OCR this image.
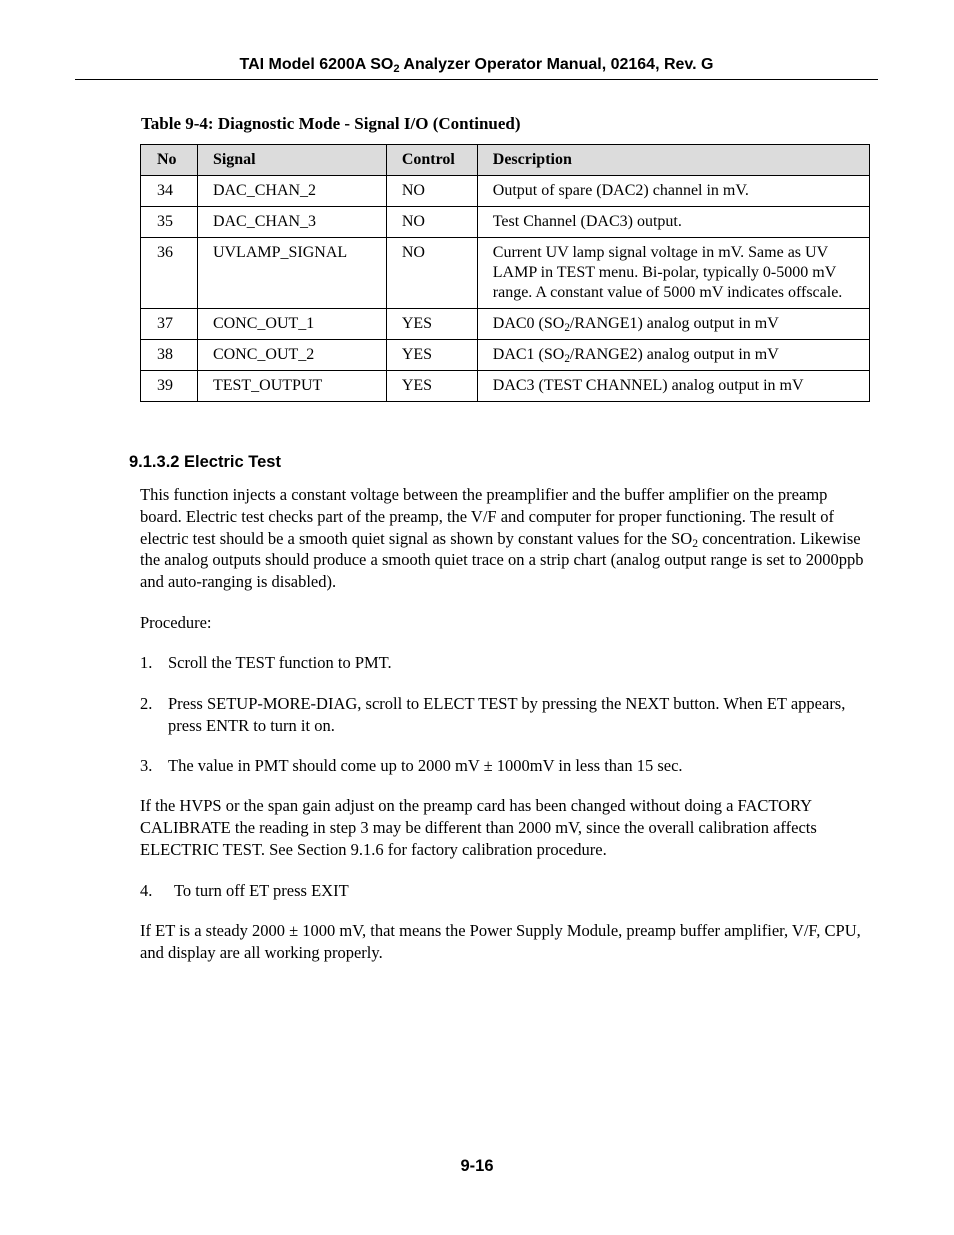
TAI Model 6200A $SO_2$ Analyzer Operator Manual, 02164, Rev. G
Table 9-4: Diagnostic Mode - Signal I/O (Continued)
No	Signal	Control	Description
34	DAC_CHAN_2	NO	Output of spare (DAC2) channel in mV.
35	DAC_CHAN_3	NO	Test Channel (DAC3) output.
36	UVLAMP_SIGNAL	NO	Current UV lamp signal voltage in mV. Same as UV LAMP in TEST menu. Bi-polar, typically 0-5000 mV range. A constant value of 5000 mV indicates offscale.
37	CONC_OUT_1	YES	DAC0 $(SO_2/RANGE1)$ analog output in mV
38	CONC_OUT_2	YES	DAC1 $(SO_2/RANGE2)$ analog output in mV
39	TEST_OUTPUT	YES	DAC3 (TEST CHANNEL) analog output in mV
9.1.3.2 Electric Test

This function injects a constant voltage between the preamplifier and the buffer amplifier on the preamp board. Electric test checks part of the preamp, the V/F and computer for proper functioning. The result of electric test should be a smooth quiet signal as shown by constant values for the $SO_2$ concentration. Likewise the analog outputs should produce a smooth quiet trace on a strip chart (analog output range is set to 2000ppb and auto-ranging is disabled).

Procedure:

1. Scroll the TEST function to PMT.
2. Press SETUP-MORE-DIAG, scroll to ELECT TEST by pressing the NEXT button. When ET appears, press ENTR to turn it on.
3. The value in PMT should come up to 2000 mV ± 1000mV in less than 15 sec.

If the HVPS or the span gain adjust on the preamp card has been changed without doing a FACTORY CALIBRATE the reading in step 3 may be different than 2000 mV, since the overall calibration affects ELECTRIC TEST. See Section 9.1.6 for factory calibration procedure.

4. To turn off ET press EXIT

If ET is a steady 2000 ± 1000 mV, that means the Power Supply Module, preamp buffer amplifier, V/F, CPU, and display are all working properly.

9-16
